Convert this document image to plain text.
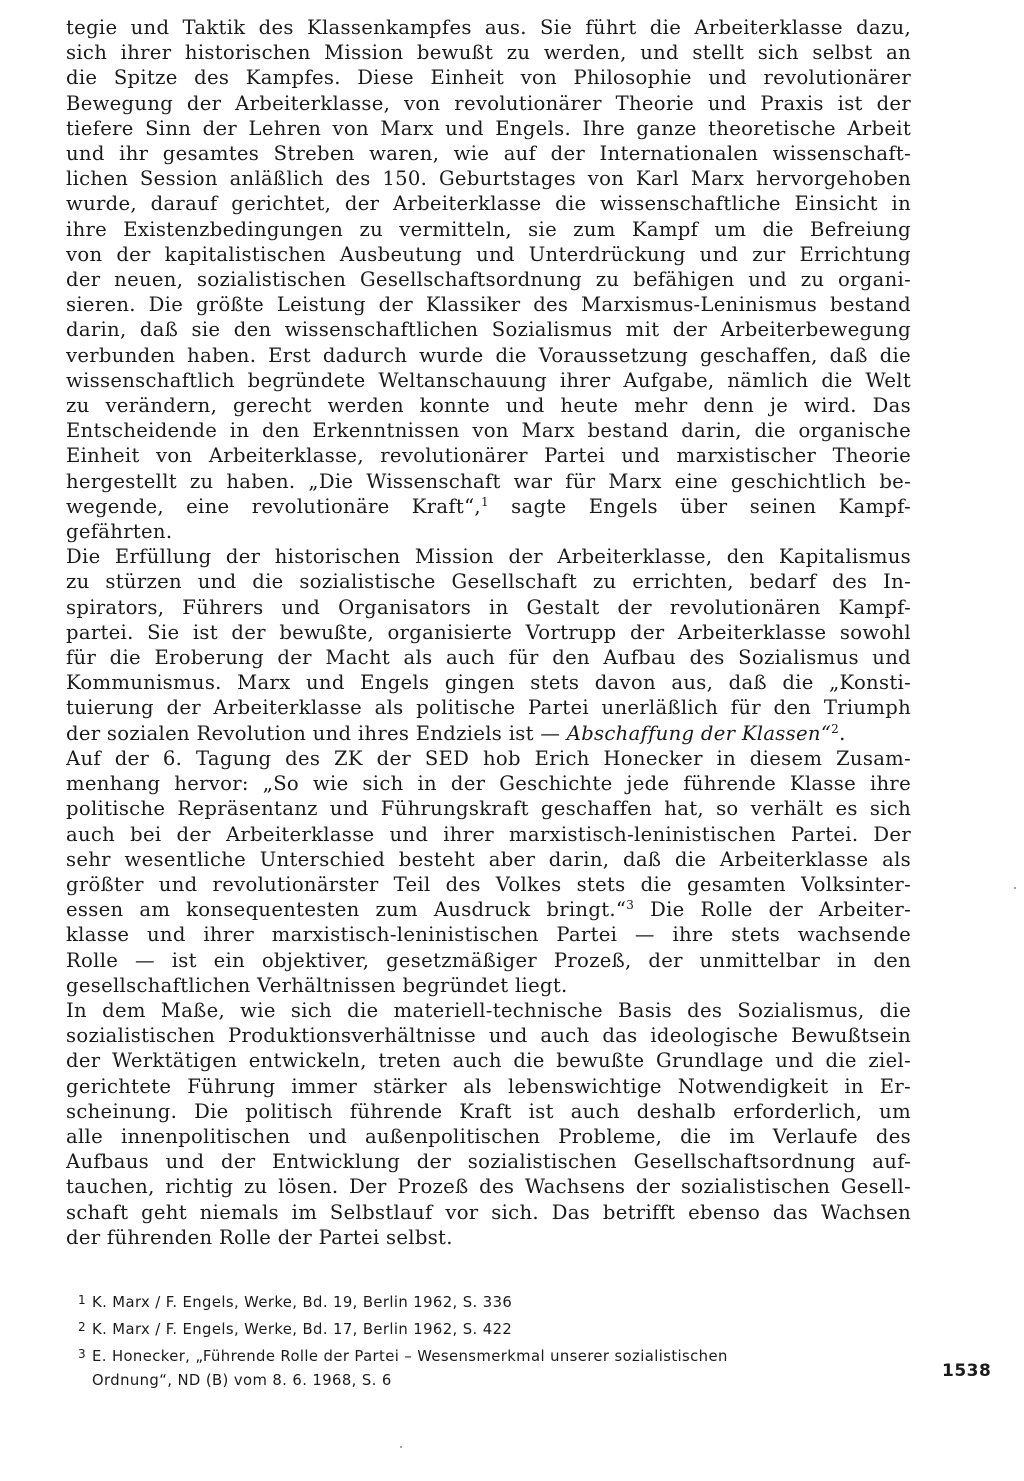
tegie und Taktik des Klassenkampfes aus. Sie führt die Arbeiterklasse dazu,
sich ihrer historischen Mission bewußt zu werden, und stellt sich selbst an
die Spitze des Kampfes. Diese Einheit von Philosophie und revolutionärer
Bewegung der Arbeiterklasse, von revolutionärer Theorie und Praxis ist der
tiefere Sinn der Lehren von Marx und Engels. Ihre ganze theoretische Arbeit
und ihr gesamtes Streben waren, wie auf der Internationalen wissenschaft-
lichen Session anläßlich des 150. Geburtstages von Karl Marx hervorgehoben
wurde, darauf gerichtet, der Arbeiterklasse die wissenschaftliche Einsicht in
ihre Existenzbedingungen zu vermitteln, sie zum Kampf um die Befreiung
von der kapitalistischen Ausbeutung und Unterdrückung und zur Errichtung
der neuen, sozialistischen Gesellschaftsordnung zu befähigen und zu organi-
sieren. Die größte Leistung der Klassiker des Marxismus-Leninismus bestand
darin, daß sie den wissenschaftlichen Sozialismus mit der Arbeiterbewegung
verbunden haben. Erst dadurch wurde die Voraussetzung geschaffen, daß die
wissenschaftlich begründete Weltanschauung ihrer Aufgabe, nämlich die Welt
zu verändern, gerecht werden konnte und heute mehr denn je wird. Das
Entscheidende in den Erkenntnissen von Marx bestand darin, die organische
Einheit von Arbeiterklasse, revolutionärer Partei und marxistischer Theorie
hergestellt zu haben. „Die Wissenschaft war für Marx eine geschichtlich be-
wegende, eine revolutionäre Kraft“,$^1$ sagte Engels über seinen Kampf-
gefährten.
Die Erfüllung der historischen Mission der Arbeiterklasse, den Kapitalismus
zu stürzen und die sozialistische Gesellschaft zu errichten, bedarf des In-
spirators, Führers und Organisators in Gestalt der revolutionären Kampf-
partei. Sie ist der bewußte, organisierte Vortrupp der Arbeiterklasse sowohl
für die Eroberung der Macht als auch für den Aufbau des Sozialismus und
Kommunismus. Marx und Engels gingen stets davon aus, daß die „Konsti-
tuierung der Arbeiterklasse als politische Partei unerläßlich für den Triumph
der sozialen Revolution und ihres Endziels ist — Abschaffung der Klassen“$^2$.
Auf der 6. Tagung des ZK der SED hob Erich Honecker in diesem Zusam-
menhang hervor: „So wie sich in der Geschichte jede führende Klasse ihre
politische Repräsentanz und Führungskraft geschaffen hat, so verhält es sich
auch bei der Arbeiterklasse und ihrer marxistisch-leninistischen Partei. Der
sehr wesentliche Unterschied besteht aber darin, daß die Arbeiterklasse als
größter und revolutionärster Teil des Volkes stets die gesamten Volksinter-
essen am konsequentesten zum Ausdruck bringt.“$^3$ Die Rolle der Arbeiter-
klasse und ihrer marxistisch-leninistischen Partei — ihre stets wachsende
Rolle — ist ein objektiver, gesetzmäßiger Prozeß, der unmittelbar in den
gesellschaftlichen Verhältnissen begründet liegt.
In dem Maße, wie sich die materiell-technische Basis des Sozialismus, die
sozialistischen Produktionsverhältnisse und auch das ideologische Bewußtsein
der Werktätigen entwickeln, treten auch die bewußte Grundlage und die ziel-
gerichtete Führung immer stärker als lebenswichtige Notwendigkeit in Er-
scheinung. Die politisch führende Kraft ist auch deshalb erforderlich, um
alle innenpolitischen und außenpolitischen Probleme, die im Verlaufe des
Aufbaus und der Entwicklung der sozialistischen Gesellschaftsordnung auf-
tauchen, richtig zu lösen. Der Prozeß des Wachsens der sozialistischen Gesell-
schaft geht niemals im Selbstlauf vor sich. Das betrifft ebenso das Wachsen
der führenden Rolle der Partei selbst.
1 K. Marx / F. Engels, Werke, Bd. 19, Berlin 1962, S. 336
2 K. Marx / F. Engels, Werke, Bd. 17, Berlin 1962, S. 422
3 E. Honecker, „Führende Rolle der Partei – Wesensmerkmal unserer sozialistischen
Ordnung“, ND (B) vom 8. 6. 1968, S. 6	1538
